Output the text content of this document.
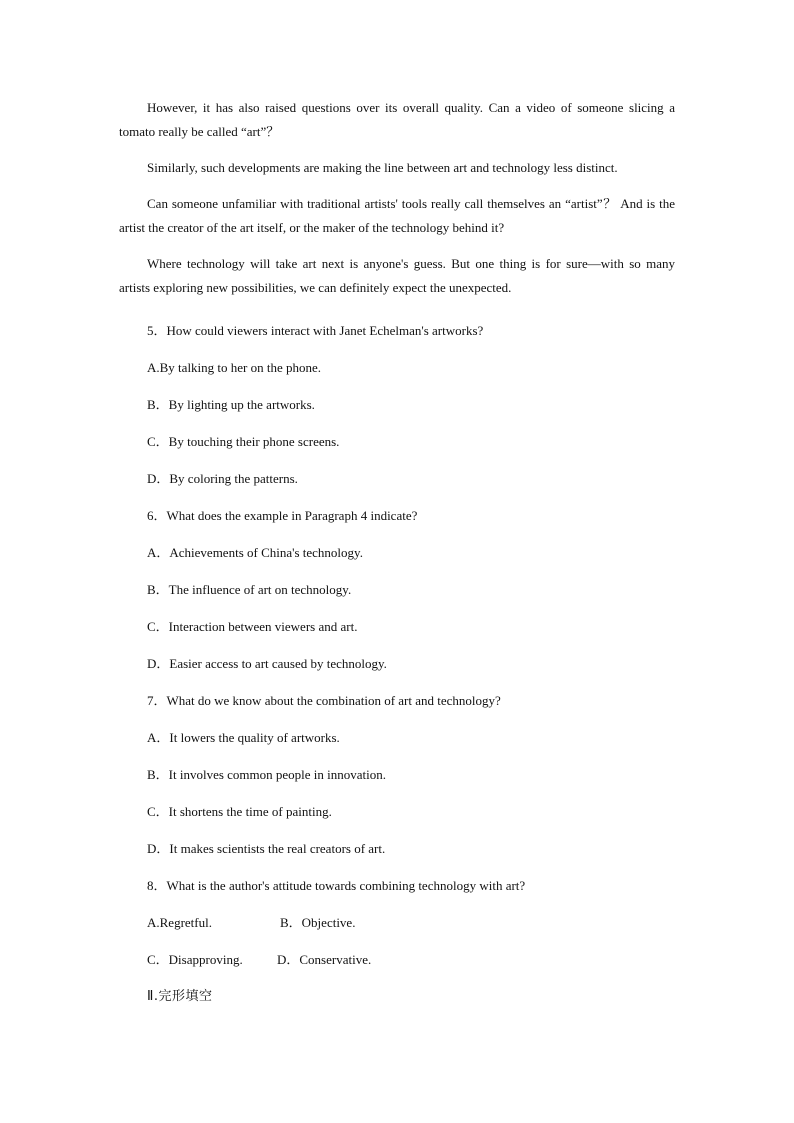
However, it has also raised questions over its overall quality. Can a video of someone slicing a tomato really be called “art”？

Similarly, such developments are making the line between art and technology less distinct.

Can someone unfamiliar with traditional artists' tools really call themselves an “artist”？ And is the artist the creator of the art itself, or the maker of the technology behind it?

Where technology will take art next is anyone's guess. But one thing is for sure—with so many artists exploring new possibilities, we can definitely expect the unexpected.

5．How could viewers interact with Janet Echelman's artworks?

A.By talking to her on the phone.

B．By lighting up the artworks.

C．By touching their phone screens.

D．By coloring the patterns.

6．What does the example in Paragraph 4 indicate?

A．Achievements of China's technology.

B．The influence of art on technology.

C．Interaction between viewers and art.

D．Easier access to art caused by technology.

7．What do we know about the combination of art and technology?

A．It lowers the quality of artworks.

B．It involves common people in innovation.

C．It shortens the time of painting.

D．It makes scientists the real creators of art.

8．What is the author's attitude towards combining technology with art?

A.Regretful.	B．Objective.
C．Disapproving.	D．Conservative.

Ⅱ.完形填空
